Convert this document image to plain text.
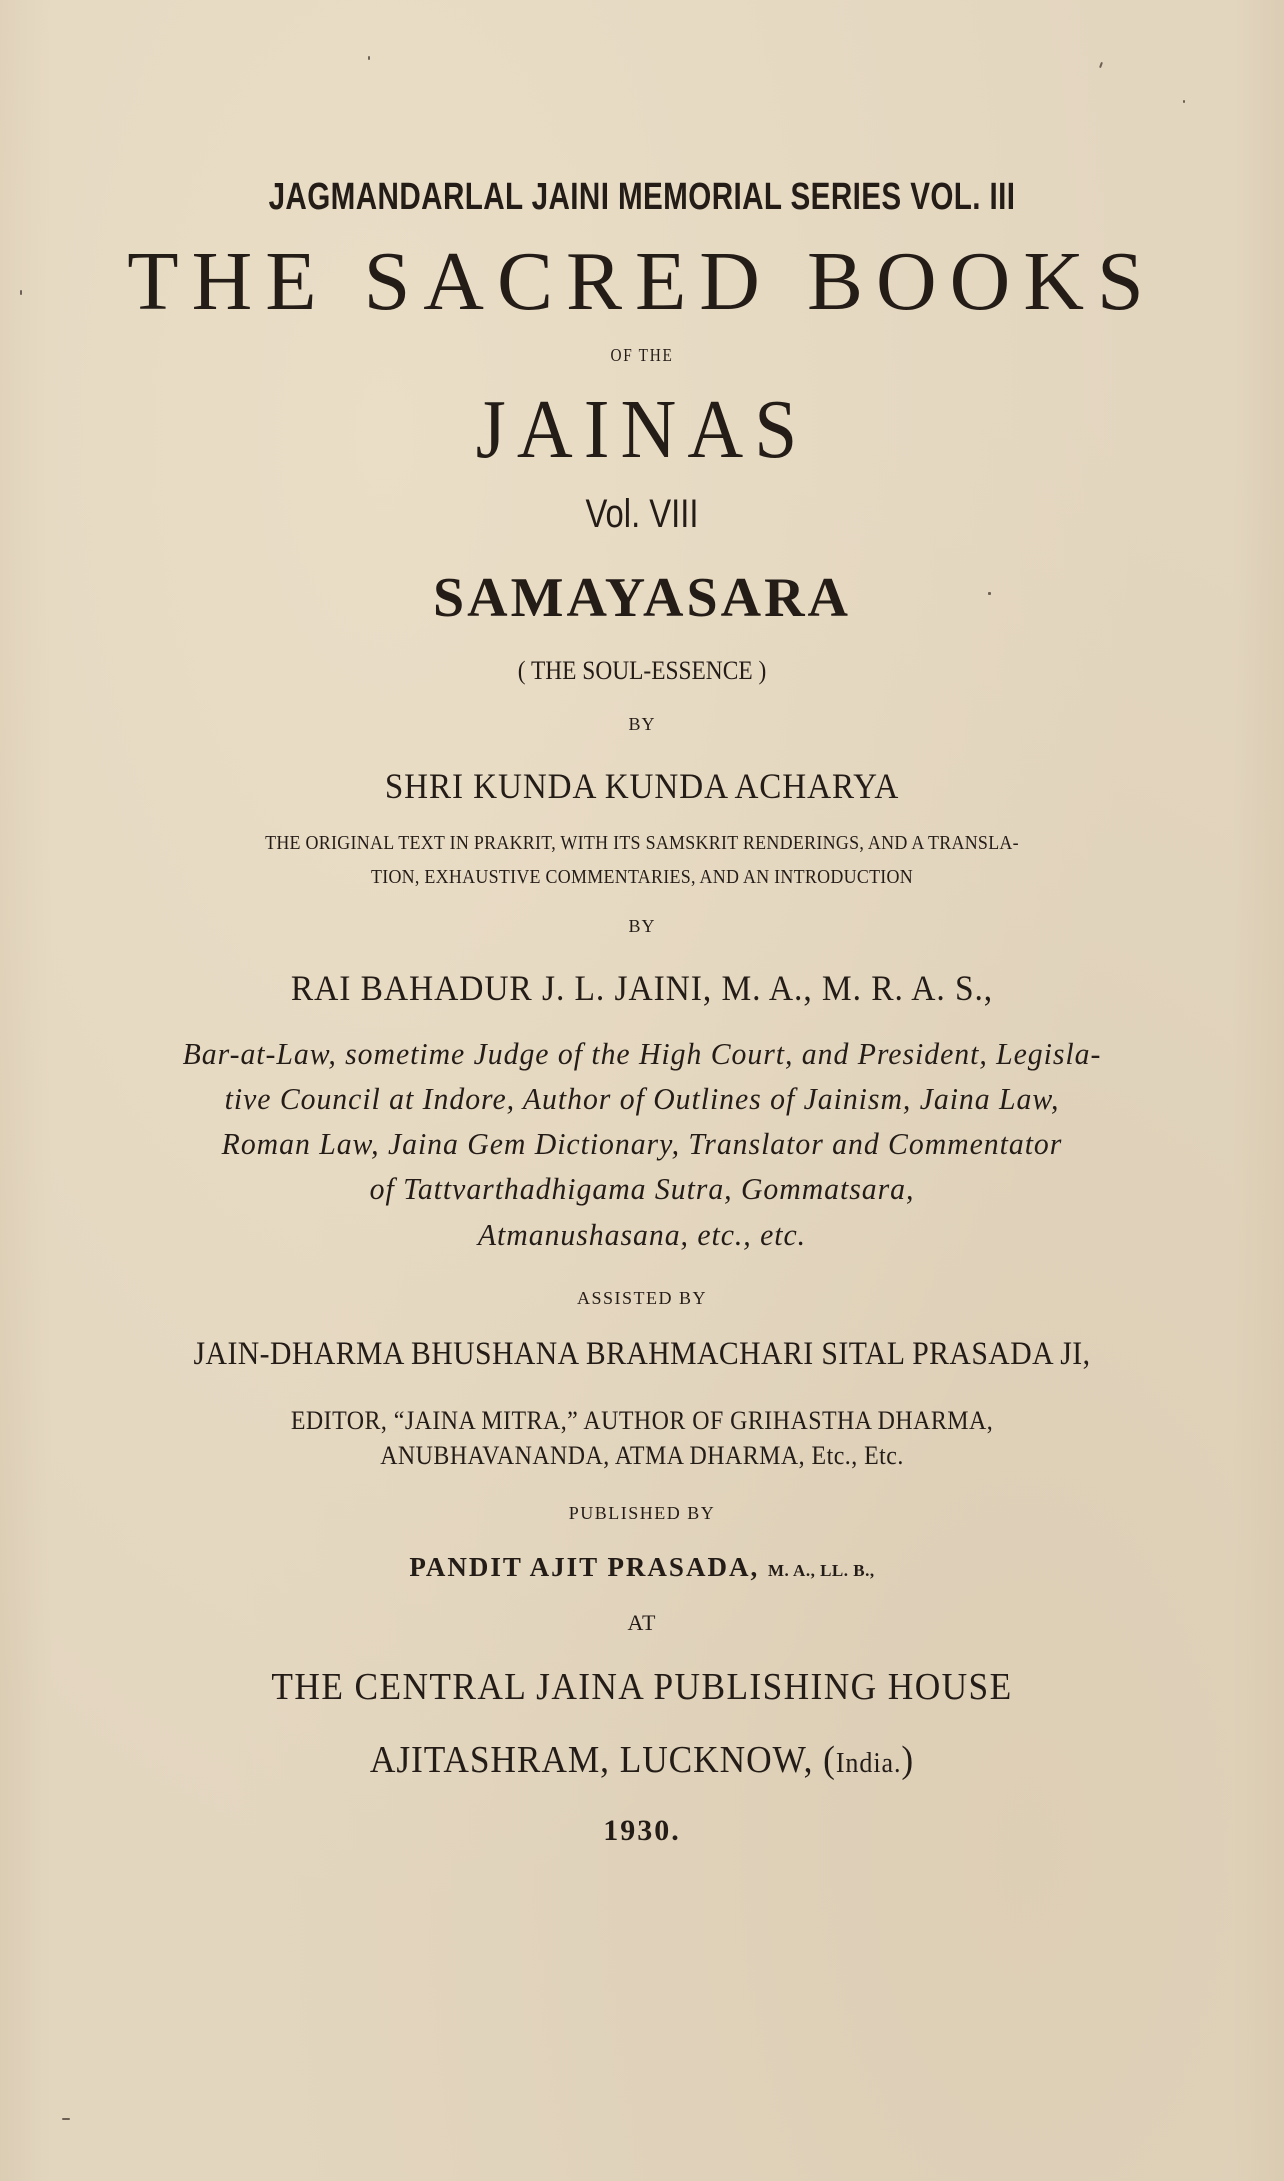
JAGMANDARLAL JAINI MEMORIAL SERIES VOL. III
THE SACRED BOOKS
OF THE
JAINAS
Vol. VIII
SAMAYASARA
( THE SOUL-ESSENCE )
BY
SHRI KUNDA KUNDA ACHARYA
THE ORIGINAL TEXT IN PRAKRIT, WITH ITS SAMSKRIT RENDERINGS, AND A TRANSLA-
TION, EXHAUSTIVE COMMENTARIES, AND AN INTRODUCTION
BY
RAI BAHADUR J. L. JAINI, M. A., M. R. A. S.,
Bar-at-Law, sometime Judge of the High Court, and President, Legisla-
tive Council at Indore, Author of Outlines of Jainism, Jaina Law,
Roman Law, Jaina Gem Dictionary, Translator and Commentator
of Tattvarthadhigama Sutra, Gommatsara,
Atmanushasana, etc., etc.
ASSISTED BY
JAIN-DHARMA BHUSHANA BRAHMACHARI SITAL PRASADA JI,
EDITOR, “JAINA MITRA,” AUTHOR OF GRIHASTHA DHARMA,
ANUBHAVANANDA, ATMA DHARMA, Etc., Etc.
PUBLISHED BY
PANDIT AJIT PRASADA, M. A., LL. B.,
AT
THE CENTRAL JAINA PUBLISHING HOUSE
AJITASHRAM, LUCKNOW, (India.)
1930.
